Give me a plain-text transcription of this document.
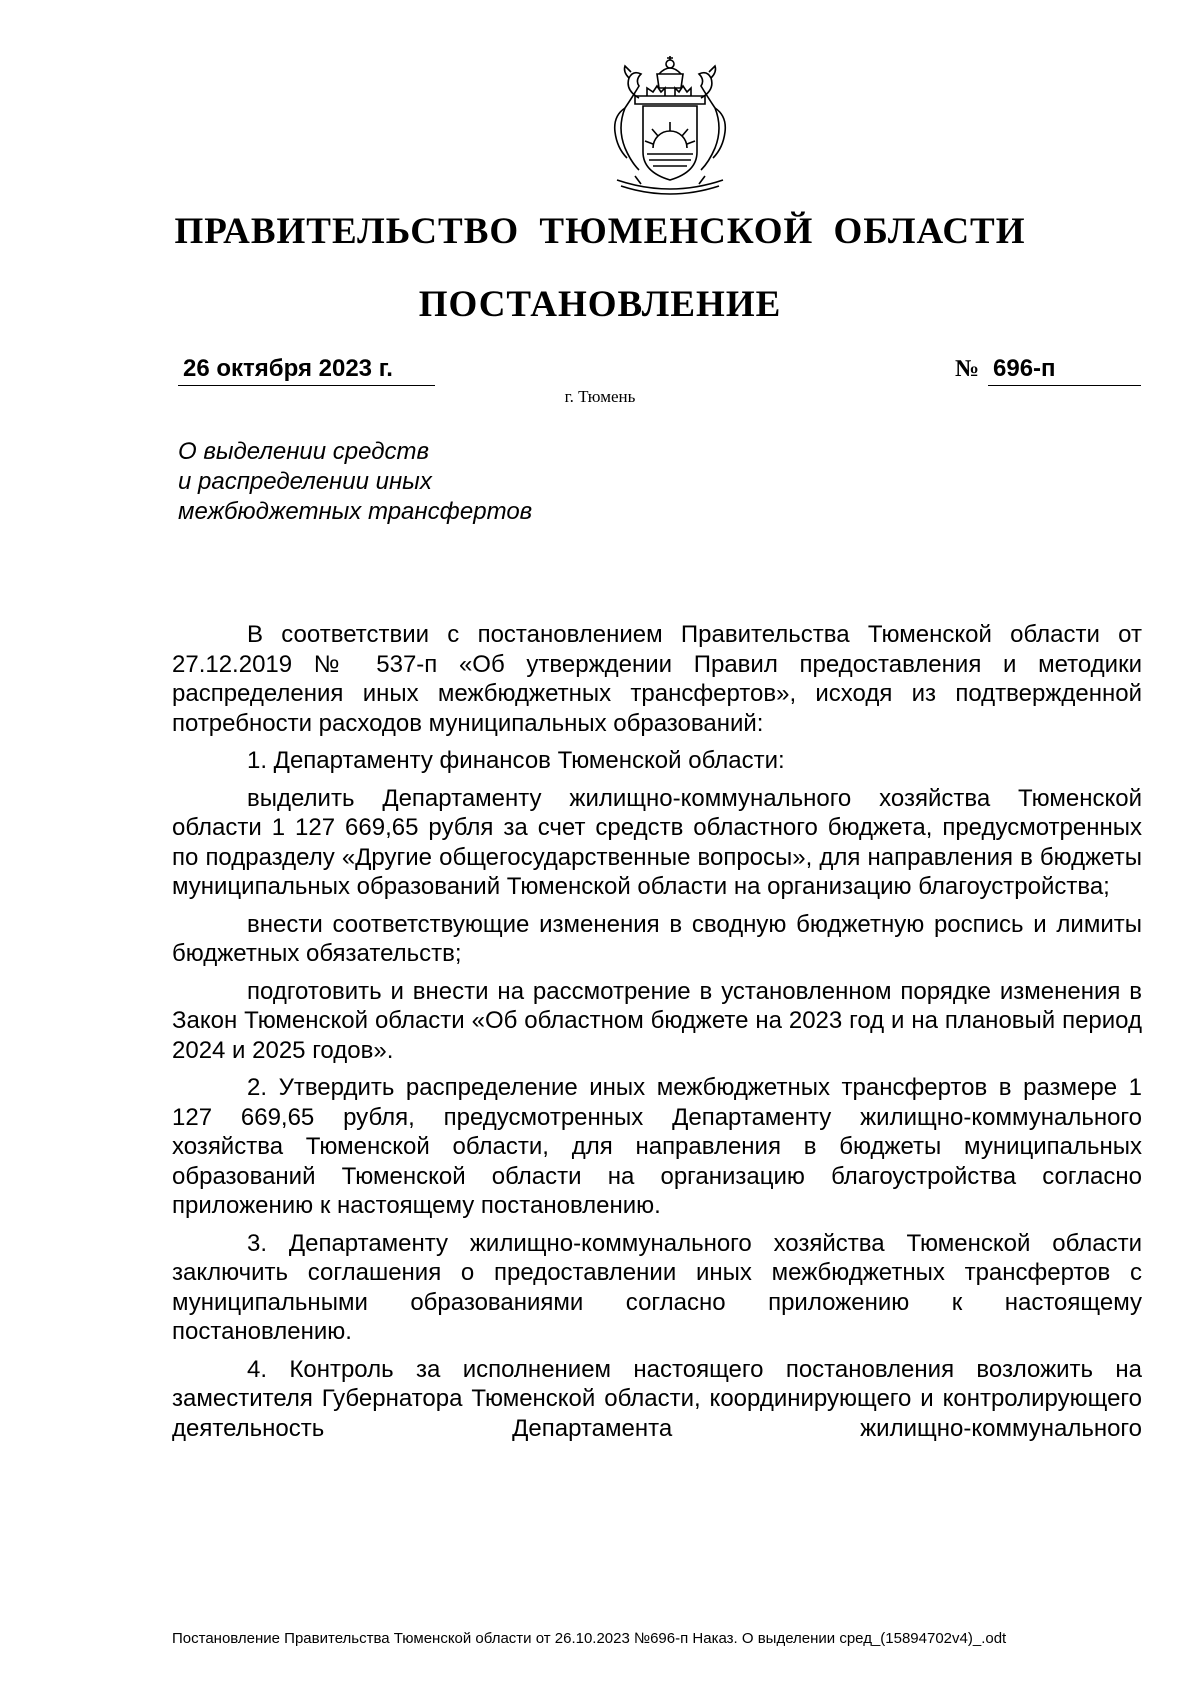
ПРАВИТЕЛЬСТВО ТЮМЕНСКОЙ ОБЛАСТИ
ПОСТАНОВЛЕНИЕ
26 октября 2023 г.	№ 696-п
г. Тюмень
О выделении средств
и распределении иных
межбюджетных трансфертов

В соответствии с постановлением Правительства Тюменской области от 27.12.2019 № 537-п «Об утверждении Правил предоставления и методики распределения иных межбюджетных трансфертов», исходя из подтвержденной потребности расходов муниципальных образований:

1. Департаменту финансов Тюменской области:

выделить Департаменту жилищно-коммунального хозяйства Тюменской области 1 127 669,65 рубля за счет средств областного бюджета, предусмотренных по подразделу «Другие общегосударственные вопросы», для направления в бюджеты муниципальных образований Тюменской области на организацию благоустройства;

внести соответствующие изменения в сводную бюджетную роспись и лимиты бюджетных обязательств;

подготовить и внести на рассмотрение в установленном порядке изменения в Закон Тюменской области «Об областном бюджете на 2023 год и на плановый период 2024 и 2025 годов».

2. Утвердить распределение иных межбюджетных трансфертов в размере 1 127 669,65 рубля, предусмотренных Департаменту жилищно-коммунального хозяйства Тюменской области, для направления в бюджеты муниципальных образований Тюменской области на организацию благоустройства согласно приложению к настоящему постановлению.

3. Департаменту жилищно-коммунального хозяйства Тюменской области заключить соглашения о предоставлении иных межбюджетных трансфертов с муниципальными образованиями согласно приложению к настоящему постановлению.

4. Контроль за исполнением настоящего постановления возложить на заместителя Губернатора Тюменской области, координирующего и контролирующего деятельность Департамента жилищно-коммунального

Постановление Правительства Тюменской области от 26.10.2023 №696-п Наказ. О выделении сред_(15894702v4)_.odt
